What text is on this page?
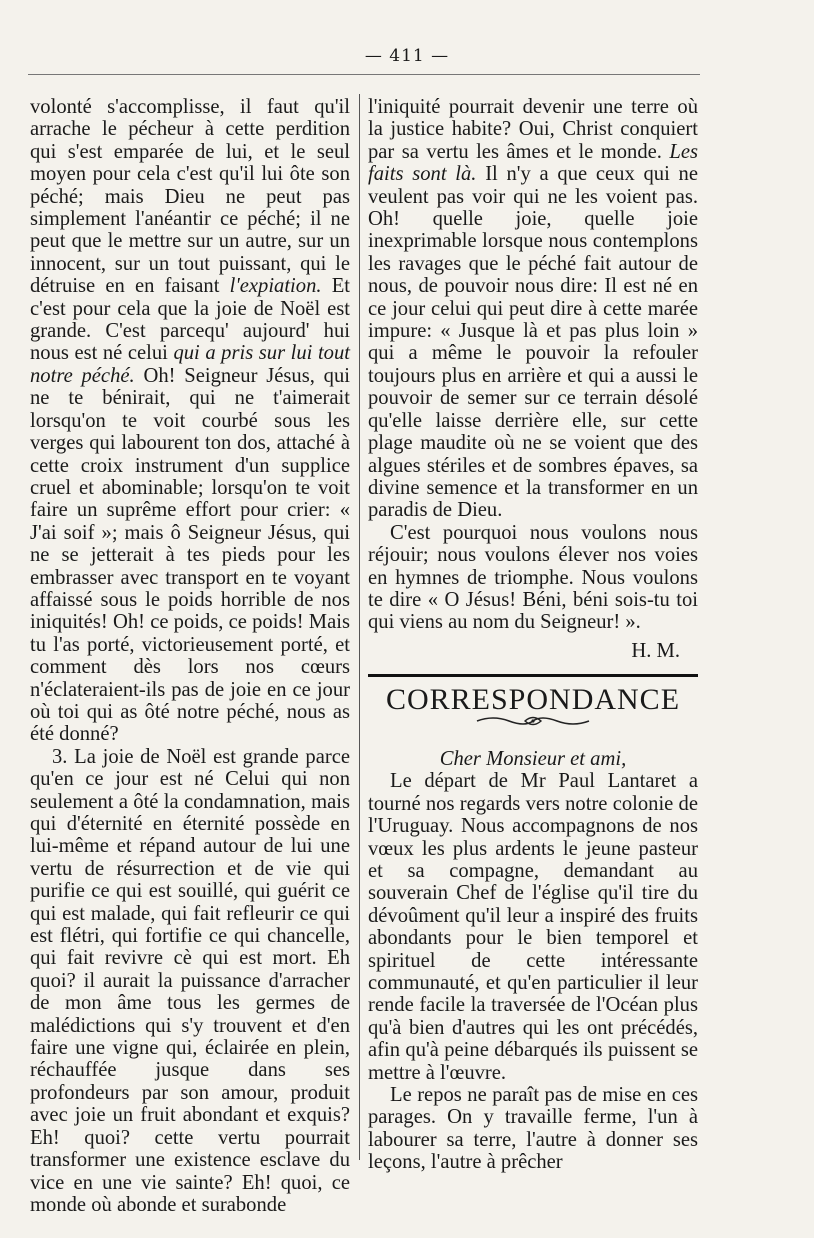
— 411 —

volonté s'accomplisse, il faut qu'il arrache le pécheur à cette perdition qui s'est emparée de lui, et le seul moyen pour cela c'est qu'il lui ôte son péché; mais Dieu ne peut pas simplement l'anéantir ce péché; il ne peut que le mettre sur un autre, sur un innocent, sur un tout puissant, qui le détruise en en faisant l'expiation. Et c'est pour cela que la joie de Noël est grande. C'est parcequ' aujourd' hui nous est né celui qui a pris sur lui tout notre péché. Oh! Seigneur Jésus, qui ne te bénirait, qui ne t'aimerait lorsqu'on te voit courbé sous les verges qui labourent ton dos, attaché à cette croix instrument d'un supplice cruel et abominable; lorsqu'on te voit faire un suprême effort pour crier: « J'ai soif »; mais ô Seigneur Jésus, qui ne se jetterait à tes pieds pour les embrasser avec transport en te voyant affaissé sous le poids horrible de nos iniquités! Oh! ce poids, ce poids! Mais tu l'as porté, victorieusement porté, et comment dès lors nos cœurs n'éclateraient-ils pas de joie en ce jour où toi qui as ôté notre péché, nous as été donné?

3. La joie de Noël est grande parce qu'en ce jour est né Celui qui non seulement a ôté la condamnation, mais qui d'éternité en éternité possède en lui-même et répand autour de lui une vertu de résurrection et de vie qui purifie ce qui est souillé, qui guérit ce qui est malade, qui fait refleurir ce qui est flétri, qui fortifie ce qui chancelle, qui fait revivre cè qui est mort. Eh quoi? il aurait la puissance d'arracher de mon âme tous les germes de malédictions qui s'y trouvent et d'en faire une vigne qui, éclairée en plein, réchauffée jusque dans ses profondeurs par son amour, produit avec joie un fruit abondant et exquis? Eh! quoi? cette vertu pourrait transformer une existence esclave du vice en une vie sainte? Eh! quoi, ce monde où abonde et surabonde

l'iniquité pourrait devenir une terre où la justice habite? Oui, Christ conquiert par sa vertu les âmes et le monde. Les faits sont là. Il n'y a que ceux qui ne veulent pas voir qui ne les voient pas. Oh! quelle joie, quelle joie inexprimable lorsque nous contemplons les ravages que le péché fait autour de nous, de pouvoir nous dire: Il est né en ce jour celui qui peut dire à cette marée impure: « Jusque là et pas plus loin » qui a même le pouvoir la refouler toujours plus en arrière et qui a aussi le pouvoir de semer sur ce terrain désolé qu'elle laisse derrière elle, sur cette plage maudite où ne se voient que des algues stériles et de sombres épaves, sa divine semence et la transformer en un paradis de Dieu.

C'est pourquoi nous voulons nous réjouir; nous voulons élever nos voies en hymnes de triomphe. Nous voulons te dire « O Jésus! Béni, béni sois-tu toi qui viens au nom du Seigneur! ».

H. M.

CORRESPONDANCE

Cher Monsieur et ami,

Le départ de Mr Paul Lantaret a tourné nos regards vers notre colonie de l'Uruguay. Nous accompagnons de nos vœux les plus ardents le jeune pasteur et sa compagne, demandant au souverain Chef de l'église qu'il tire du dévoûment qu'il leur a inspiré des fruits abondants pour le bien temporel et spirituel de cette intéressante communauté, et qu'en particulier il leur rende facile la traversée de l'Océan plus qu'à bien d'autres qui les ont précédés, afin qu'à peine débarqués ils puissent se mettre à l'œuvre.

Le repos ne paraît pas de mise en ces parages. On y travaille ferme, l'un à labourer sa terre, l'autre à donner ses leçons, l'autre à prêcher
